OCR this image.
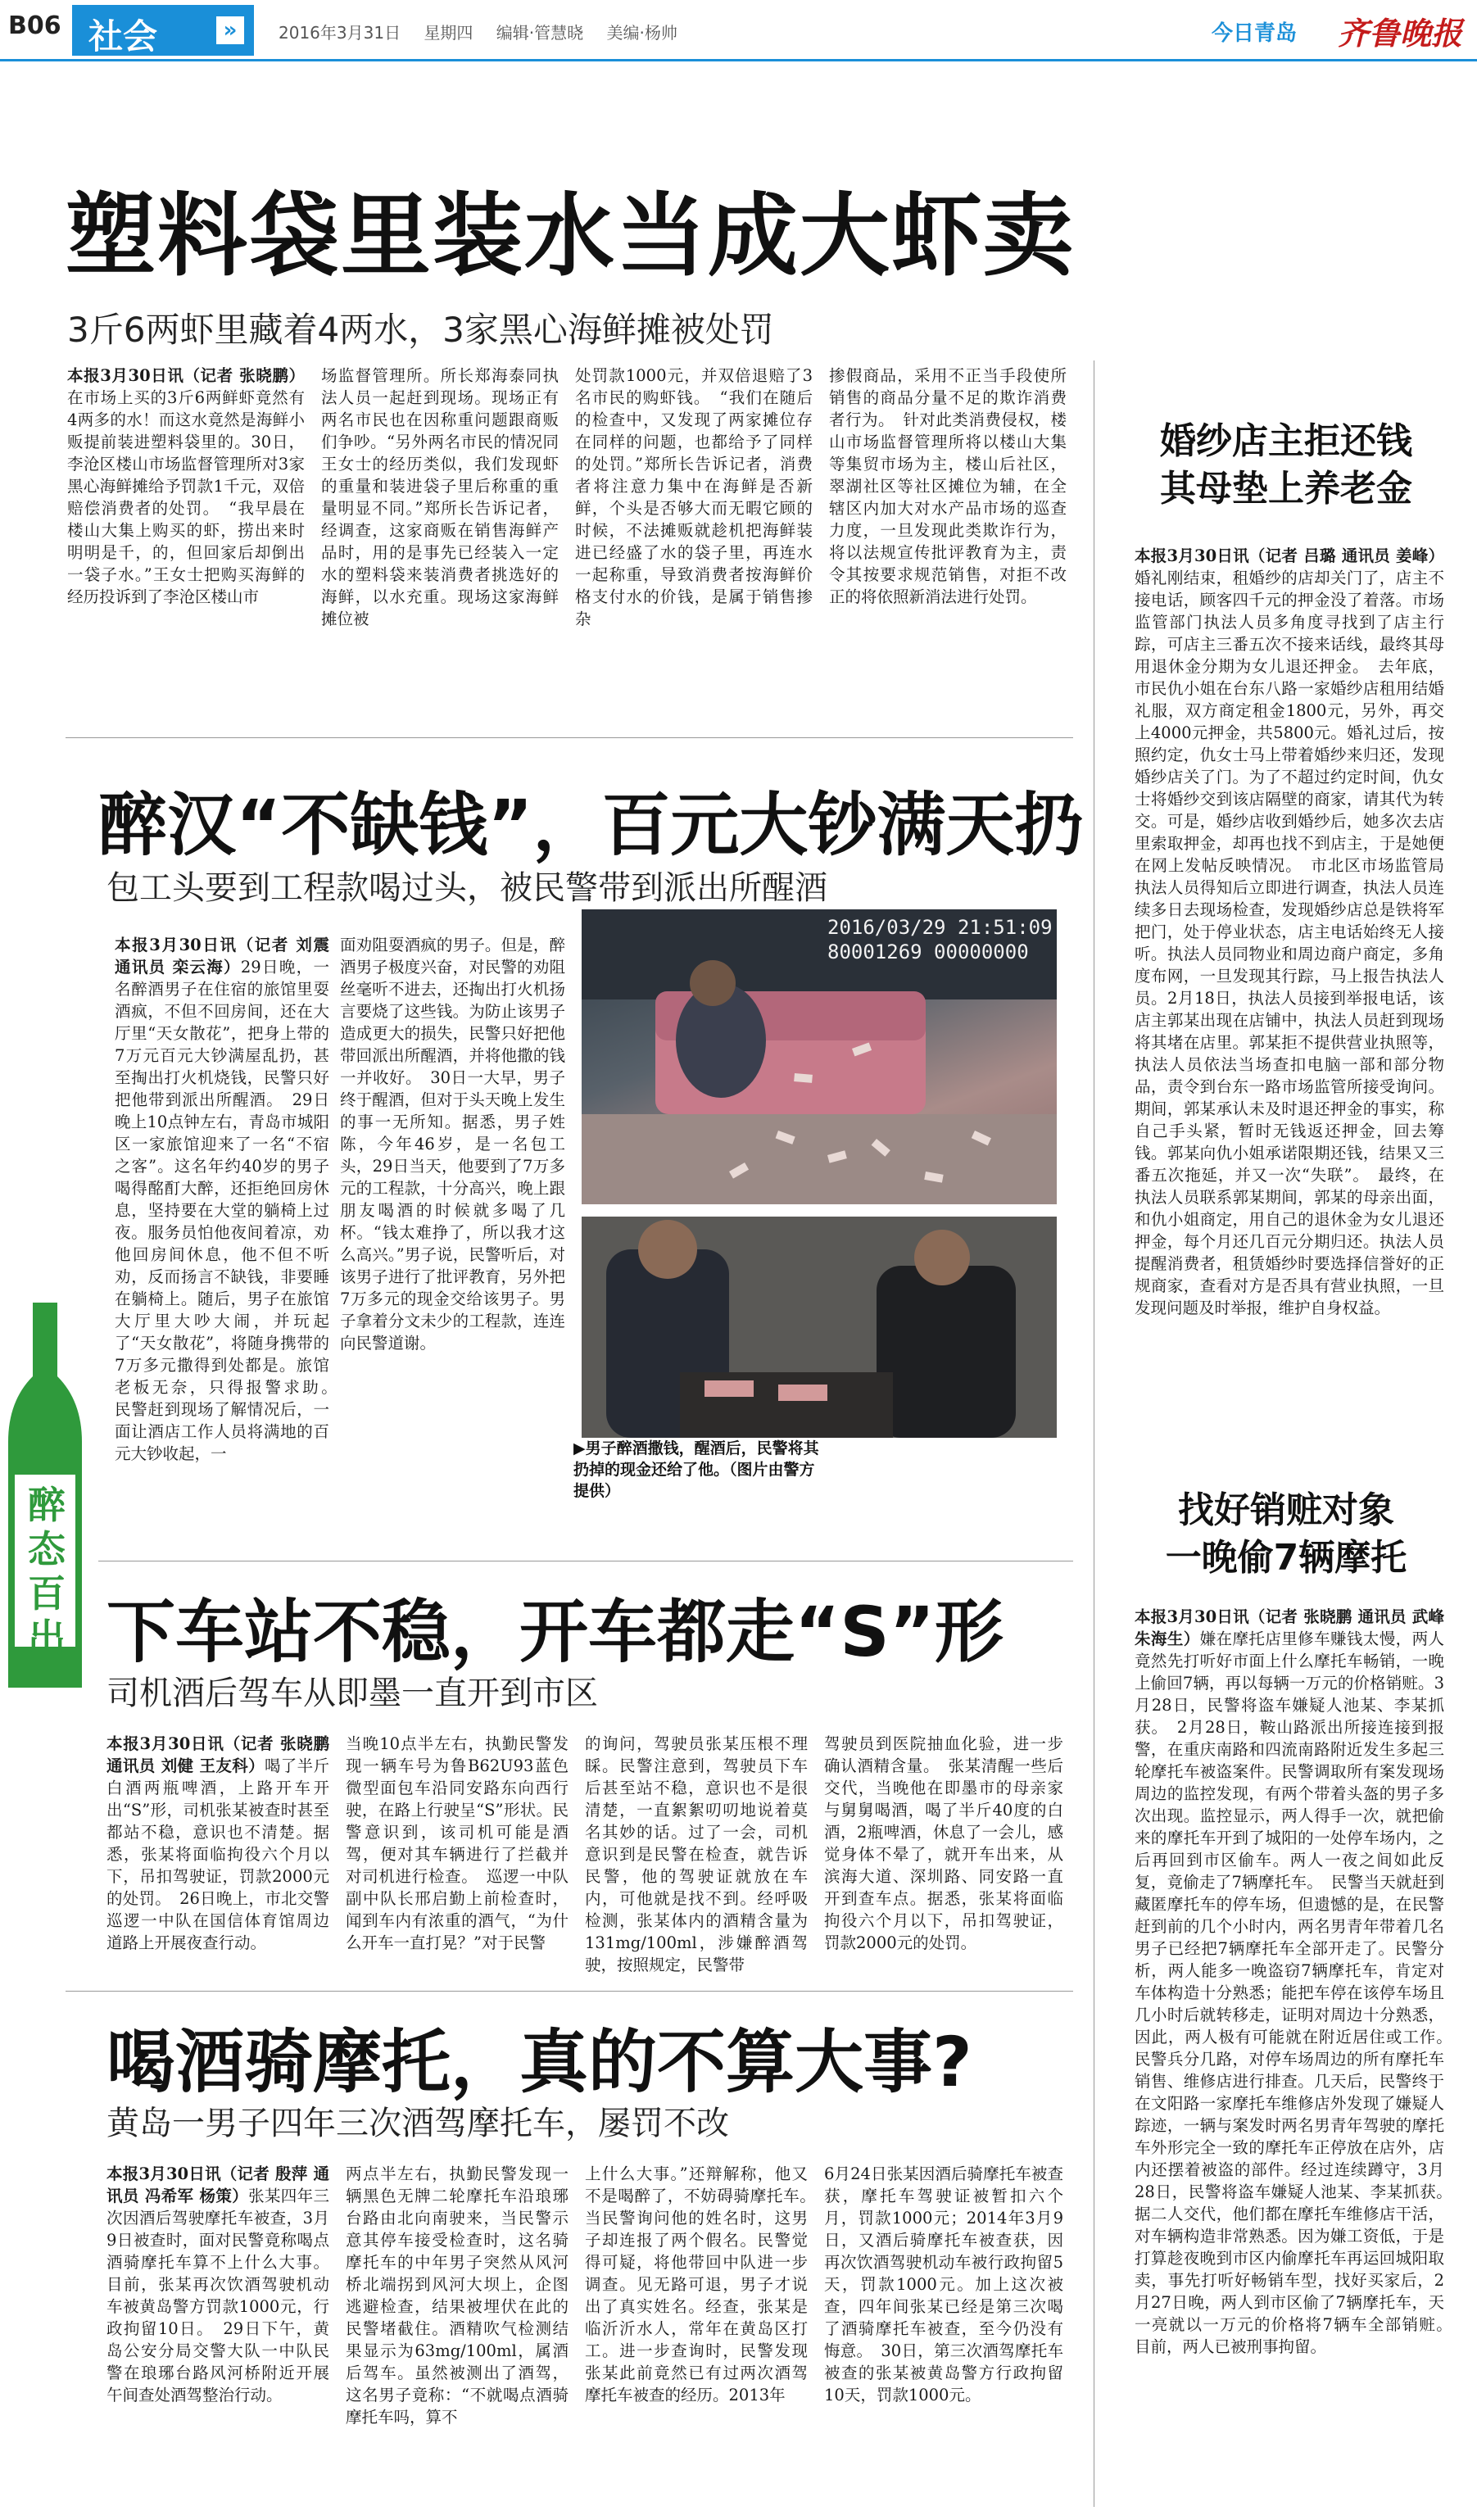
B06 社会	»	2016年3月31日 星期四 编辑·管慧晓 美编·杨帅	今日青岛 齐鲁晚报
塑料袋里装水当成大虾卖
3斤6两虾里藏着4两水，3家黑心海鲜摊被处罚
本报3月30日讯（记者 张晓鹏）在市场上买的3斤6两鲜虾竟然有4两多的水！而这水竟然是海鲜小贩提前装进塑料袋里的。30日，李沧区楼山市场监督管理所对3家黑心海鲜摊给予罚款1千元，双倍赔偿消费者的处罚。　“我早晨在楼山大集上购买的虾，捞出来时明明是千，的，但回家后却倒出一袋子水。”王女士把购买海鲜的经历投诉到了李沧区楼山市
场监督管理所。所长郑海泰同执法人员一起赶到现场。现场正有两名市民也在因称重问题跟商贩们争吵。“另外两名市民的情况同王女士的经历类似，我们发现虾的重量和装进袋子里后称重的重量明显不同。”郑所长告诉记者，经调查，这家商贩在销售海鲜产品时，用的是事先已经装入一定水的塑料袋来装消费者挑选好的海鲜，以水充重。现场这家海鲜摊位被
处罚款1000元，并双倍退赔了3名市民的购虾钱。　“我们在随后的检查中，又发现了两家摊位存在同样的问题，也都给予了同样的处罚。”郑所长告诉记者，消费者将注意力集中在海鲜是否新鲜，个头是否够大而无暇它顾的时候，不法摊贩就趁机把海鲜装进已经盛了水的袋子里，再连水一起称重，导致消费者按海鲜价格支付水的价钱，是属于销售掺杂
掺假商品，采用不正当手段使所销售的商品分量不足的欺诈消费者行为。　针对此类消费侵权，楼山市场监督管理所将以楼山大集等集贸市场为主，楼山后社区，翠湖社区等社区摊位为辅，在全辖区内加大对水产品市场的巡查力度，一旦发现此类欺诈行为，将以法规宣传批评教育为主，责令其按要求规范销售，对拒不改正的将依照新消法进行处罚。
醉汉“不缺钱”，百元大钞满天扔
包工头要到工程款喝过头，被民警带到派出所醒酒
本报3月30日讯（记者 刘震 通讯员 栾云海）29日晚，一名醉酒男子在住宿的旅馆里耍酒疯，不但不回房间，还在大厅里“天女散花”，把身上带的7万元百元大钞满屋乱扔，甚至掏出打火机烧钱，民警只好把他带到派出所醒酒。　29日晚上10点钟左右，青岛市城阳区一家旅馆迎来了一名“不宿之客”。这名年约40岁的男子喝得酩酊大醉，还拒绝回房休息，坚持要在大堂的躺椅上过夜。服务员怕他夜间着凉，劝他回房间休息，他不但不听劝，反而扬言不缺钱，非要睡在躺椅上。随后，男子在旅馆大厅里大吵大闹，并玩起了“天女散花”，将随身携带的7万多元撒得到处都是。旅馆老板无奈，只得报警求助。　民警赶到现场了解情况后，一面让酒店工作人员将满地的百元大钞收起，一
面劝阻耍酒疯的男子。但是，醉酒男子极度兴奋，对民警的劝阻丝毫听不进去，还掏出打火机扬言要烧了这些钱。为防止该男子造成更大的损失，民警只好把他带回派出所醒酒，并将他撒的钱一并收好。　30日一大早，男子终于醒酒，但对于头天晚上发生的事一无所知。据悉，男子姓陈，今年46岁，是一名包工头，29日当天，他要到了7万多元的工程款，十分高兴，晚上跟朋友喝酒的时候就多喝了几杯。“钱太难挣了，所以我才这么高兴。”男子说，民警听后，对该男子进行了批评教育，另外把7万多元的现金交给该男子。男子拿着分文未少的工程款，连连向民警道谢。
2016/03/29 21:51:09
80001269 00000000
▶男子醉酒撒钱，醒酒后，民警将其扔掉的现金还给了他。（图片由警方提供）
醉态百出 下车站不稳，开车都走“S”形
司机酒后驾车从即墨一直开到市区
本报3月30日讯（记者 张晓鹏 通讯员 刘健 王友科）喝了半斤白酒两瓶啤酒，上路开车开出“S”形，司机张某被查时甚至都站不稳，意识也不清楚。据悉，张某将面临拘役六个月以下，吊扣驾驶证，罚款2000元的处罚。　26日晚上，市北交警巡逻一中队在国信体育馆周边道路上开展夜查行动。
当晚10点半左右，执勤民警发现一辆车号为鲁B62U93蓝色微型面包车沿同安路东向西行驶，在路上行驶呈“S”形状。民警意识到，该司机可能是酒驾，便对其车辆进行了拦截并对司机进行检查。　巡逻一中队副中队长邢启勤上前检查时，闻到车内有浓重的酒气，“为什么开车一直打晃？”对于民警
的询问，驾驶员张某压根不理睬。民警注意到，驾驶员下车后甚至站不稳，意识也不是很清楚，一直絮絮叨叨地说着莫名其妙的话。过了一会，司机意识到是民警在检查，就告诉民警，他的驾驶证就放在车内，可他就是找不到。经呼吸检测，张某体内的酒精含量为131mg/100ml，涉嫌醉酒驾驶，按照规定，民警带
驾驶员到医院抽血化验，进一步确认酒精含量。　张某清醒一些后交代，当晚他在即墨市的母亲家与舅舅喝酒，喝了半斤40度的白酒，2瓶啤酒，休息了一会儿，感觉身体不晕了，就开车出来，从滨海大道、深圳路、同安路一直开到查车点。据悉，张某将面临拘役六个月以下，吊扣驾驶证，罚款2000元的处罚。
喝酒骑摩托，真的不算大事?
黄岛一男子四年三次酒驾摩托车，屡罚不改
本报3月30日讯（记者 殷萍 通讯员 冯希军 杨策）张某四年三次因酒后驾驶摩托车被查，3月9日被查时，面对民警竟称喝点酒骑摩托车算不上什么大事。目前，张某再次饮酒驾驶机动车被黄岛警方罚款1000元，行政拘留10日。　29日下午，黄岛公安分局交警大队一中队民警在琅琊台路风河桥附近开展午间查处酒驾整治行动。
两点半左右，执勤民警发现一辆黑色无牌二轮摩托车沿琅琊台路由北向南驶来，当民警示意其停车接受检查时，这名骑摩托车的中年男子突然从风河桥北端拐到风河大坝上，企图逃避检查，结果被埋伏在此的民警堵截住。酒精吹气检测结果显示为63mg/100ml，属酒后驾车。虽然被测出了酒驾，这名男子竟称：“不就喝点酒骑摩托车吗，算不
上什么大事。”还辩解称，他又不是喝醉了，不妨碍骑摩托车。　当民警询问他的姓名时，这男子却连报了两个假名。民警觉得可疑，将他带回中队进一步调查。见无路可退，男子才说出了真实姓名。经查，张某是临沂沂水人，常年在黄岛区打工。进一步查询时，民警发现张某此前竟然已有过两次酒驾摩托车被查的经历。2013年
6月24日张某因酒后骑摩托车被查获，摩托车驾驶证被暂扣六个月，罚款1000元；2014年3月9日，又酒后骑摩托车被查获，因再次饮酒驾驶机动车被行政拘留5天，罚款1000元。加上这次被查，四年间张某已经是第三次喝了酒骑摩托车被查，至今仍没有悔意。　30日，第三次酒驾摩托车被查的张某被黄岛警方行政拘留10天，罚款1000元。
婚纱店主拒还钱
其母垫上养老金
本报3月30日讯（记者 吕璐 通讯员 姜峰）婚礼刚结束，租婚纱的店却关门了，店主不接电话，顾客四千元的押金没了着落。市场监管部门执法人员多角度寻找到了店主行踪，可店主三番五次不接来话线，最终其母用退休金分期为女儿退还押金。　去年底，市民仇小姐在台东八路一家婚纱店租用结婚礼服，双方商定租金1800元，另外，再交上4000元押金，共5800元。婚礼过后，按照约定，仇女士马上带着婚纱来归还，发现婚纱店关了门。为了不超过约定时间，仇女士将婚纱交到该店隔壁的商家，请其代为转交。可是，婚纱店收到婚纱后，她多次去店里索取押金，却再也找不到店主，于是她便在网上发帖反映情况。　市北区市场监管局执法人员得知后立即进行调查，执法人员连续多日去现场检查，发现婚纱店总是铁将军把门，处于停业状态，店主电话始终无人接听。执法人员同物业和周边商户商定，多角度布网，一旦发现其行踪，马上报告执法人员。2月18日，执法人员接到举报电话，该店主郭某出现在店铺中，执法人员赶到现场将其堵在店里。郭某拒不提供营业执照等，执法人员依法当场查扣电脑一部和部分物品，责令到台东一路市场监管所接受询问。期间，郭某承认未及时退还押金的事实，称自己手头紧，暂时无钱返还押金，回去筹钱。郭某向仇小姐承诺限期还钱，结果又三番五次拖延，并又一次“失联”。　最终，在执法人员联系郭某期间，郭某的母亲出面，和仇小姐商定，用自己的退休金为女儿退还押金，每个月还几百元分期归还。执法人员提醒消费者，租赁婚纱时要选择信誉好的正规商家，查看对方是否具有营业执照，一旦发现问题及时举报，维护自身权益。
找好销赃对象
一晚偷7辆摩托
本报3月30日讯（记者 张晓鹏 通讯员 武峰 朱海生）嫌在摩托店里修车赚钱太慢，两人竟然先打听好市面上什么摩托车畅销，一晚上偷回7辆，再以每辆一万元的价格销赃。3月28日，民警将盗车嫌疑人池某、李某抓获。　2月28日，鞍山路派出所接连接到报警，在重庆南路和四流南路附近发生多起三轮摩托车被盗案件。民警调取所有案发现场周边的监控发现，有两个带着头盔的男子多次出现。监控显示，两人得手一次，就把偷来的摩托车开到了城阳的一处停车场内，之后再回到市区偷车。两人一夜之间如此反复，竟偷走了7辆摩托车。　民警当天就赶到藏匿摩托车的停车场，但遗憾的是，在民警赶到前的几个小时内，两名男青年带着几名男子已经把7辆摩托车全部开走了。民警分析，两人能多一晚盗窃7辆摩托车，肯定对车体构造十分熟悉；能把车停在该停车场且几小时后就转移走，证明对周边十分熟悉，因此，两人极有可能就在附近居住或工作。　民警兵分几路，对停车场周边的所有摩托车销售、维修店进行排查。几天后，民警终于在文阳路一家摩托车维修店外发现了嫌疑人踪迹，一辆与案发时两名男青年驾驶的摩托车外形完全一致的摩托车正停放在店外，店内还摆着被盗的部件。经过连续蹲守，3月28日，民警将盗车嫌疑人池某、李某抓获。　据二人交代，他们都在摩托车维修店干活，对车辆构造非常熟悉。因为嫌工资低，于是打算趁夜晚到市区内偷摩托车再运回城阳取卖，事先打听好畅销车型，找好买家后，2月27日晚，两人到市区偷了7辆摩托车，天一亮就以一万元的价格将7辆车全部销赃。　目前，两人已被刑事拘留。
